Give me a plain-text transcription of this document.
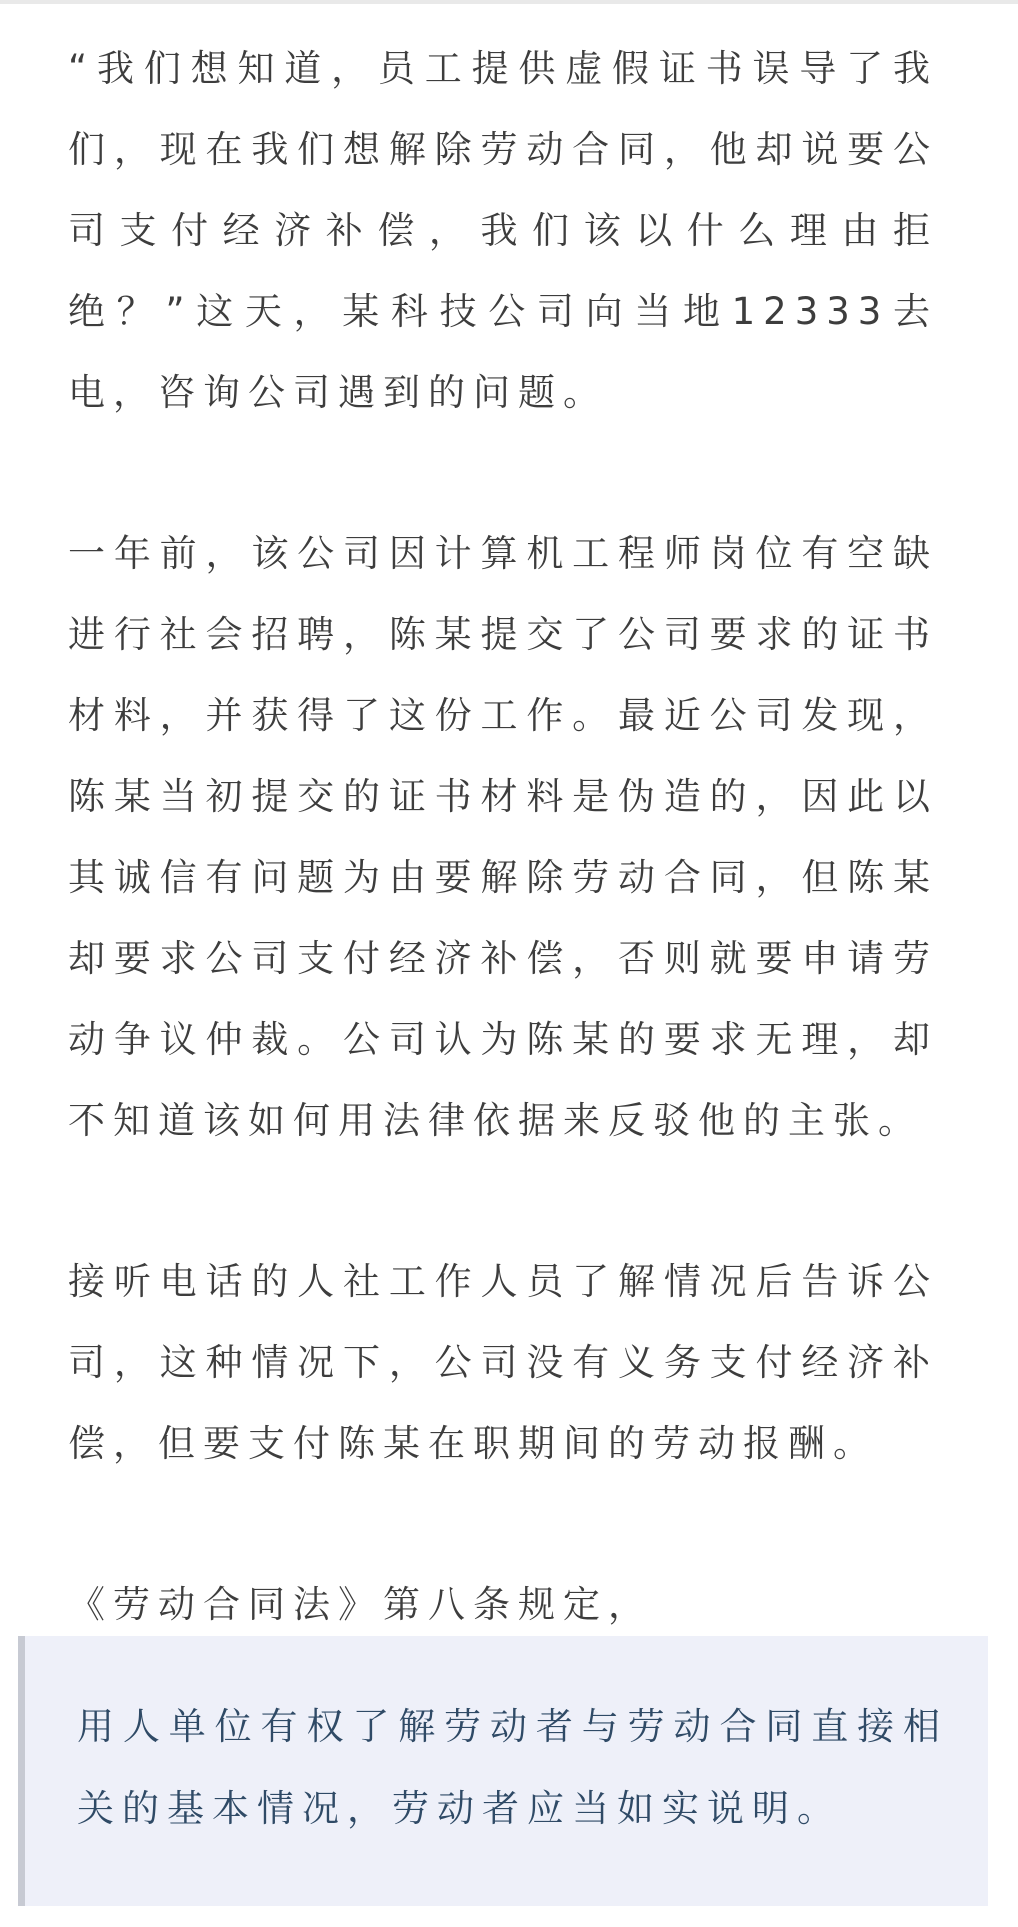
“我们想知道，员工提供虚假证书误导了我们，现在我们想解除劳动合同，他却说要公司支付经济补偿，我们该以什么理由拒绝？”这天，某科技公司向当地12333去电，咨询公司遇到的问题。

一年前，该公司因计算机工程师岗位有空缺进行社会招聘，陈某提交了公司要求的证书材料，并获得了这份工作。最近公司发现，陈某当初提交的证书材料是伪造的，因此以其诚信有问题为由要解除劳动合同，但陈某却要求公司支付经济补偿，否则就要申请劳动争议仲裁。公司认为陈某的要求无理，却不知道该如何用法律依据来反驳他的主张。

接听电话的人社工作人员了解情况后告诉公司，这种情况下，公司没有义务支付经济补偿，但要支付陈某在职期间的劳动报酬。

《劳动合同法》第八条规定，

用人单位有权了解劳动者与劳动合同直接相关的基本情况，劳动者应当如实说明。
